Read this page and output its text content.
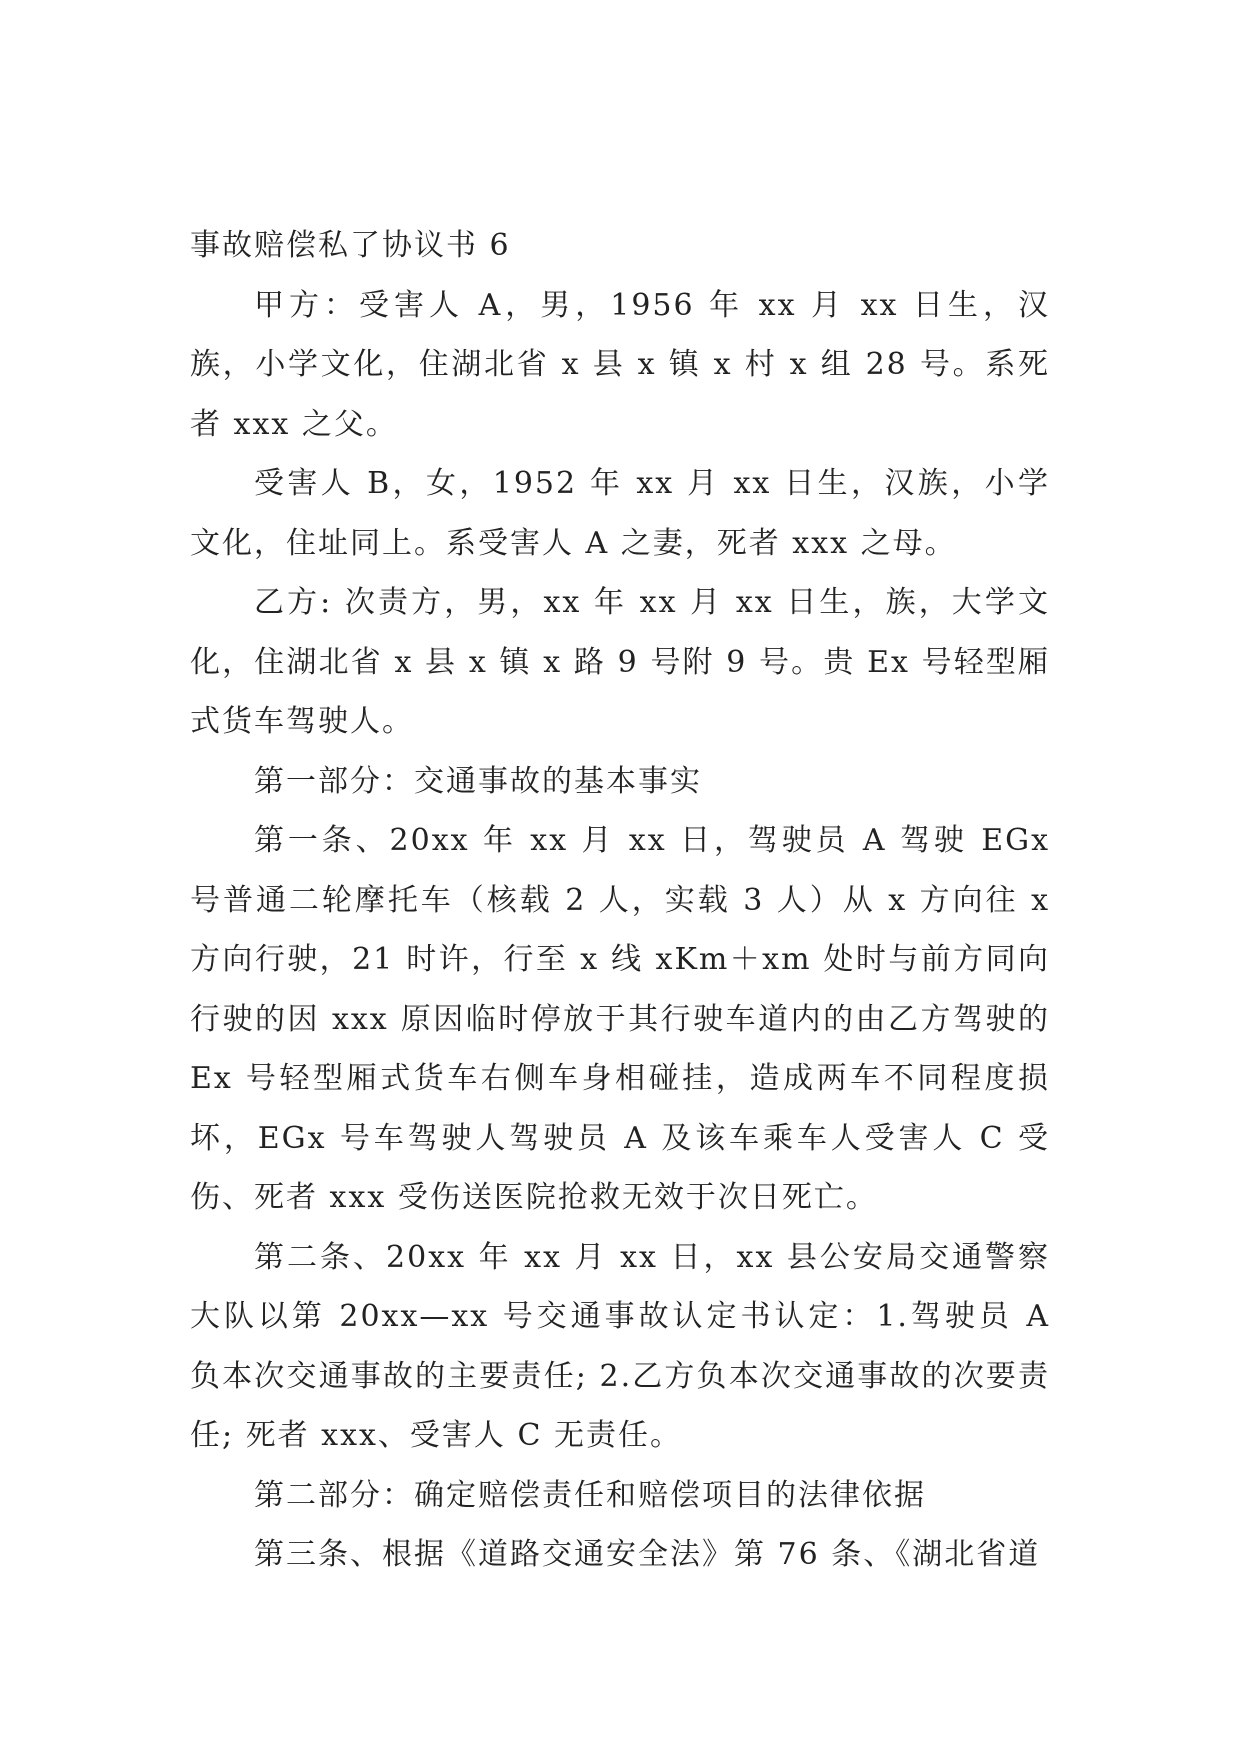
事故赔偿私了协议书 6

甲方：受害人 A，男，1956 年 xx 月 xx 日生，汉族，小学文化，住湖北省 x 县 x 镇 x 村 x 组 28 号。系死者 xxx 之父。

受害人 B，女，1952 年 xx 月 xx 日生，汉族，小学文化，住址同上。系受害人 A 之妻，死者 xxx 之母。

乙方: 次责方，男，xx 年 xx 月 xx 日生，族，大学文化，住湖北省 x 县 x 镇 x 路 9 号附 9 号。贵 Ex 号轻型厢式货车驾驶人。

第一部分：交通事故的基本事实

第一条、20xx 年 xx 月 xx 日，驾驶员 A 驾驶 EGx 号普通二轮摩托车（核载 2 人，实载 3 人）从 x 方向往 x 方向行驶，21 时许，行至 x 线 xKm＋xm 处时与前方同向行驶的因 xxx 原因临时停放于其行驶车道内的由乙方驾驶的 Ex 号轻型厢式货车右侧车身相碰挂，造成两车不同程度损坏，EGx 号车驾驶人驾驶员 A 及该车乘车人受害人 C 受伤、死者 xxx 受伤送医院抢救无效于次日死亡。

第二条、20xx 年 xx 月 xx 日，xx 县公安局交通警察大队以第 20xx—xx 号交通事故认定书认定：1.驾驶员 A 负本次交通事故的主要责任; 2.乙方负本次交通事故的次要责任; 死者 xxx、受害人 C 无责任。

第二部分：确定赔偿责任和赔偿项目的法律依据

第三条、根据《道路交通安全法》第 76 条、《湖北省道
